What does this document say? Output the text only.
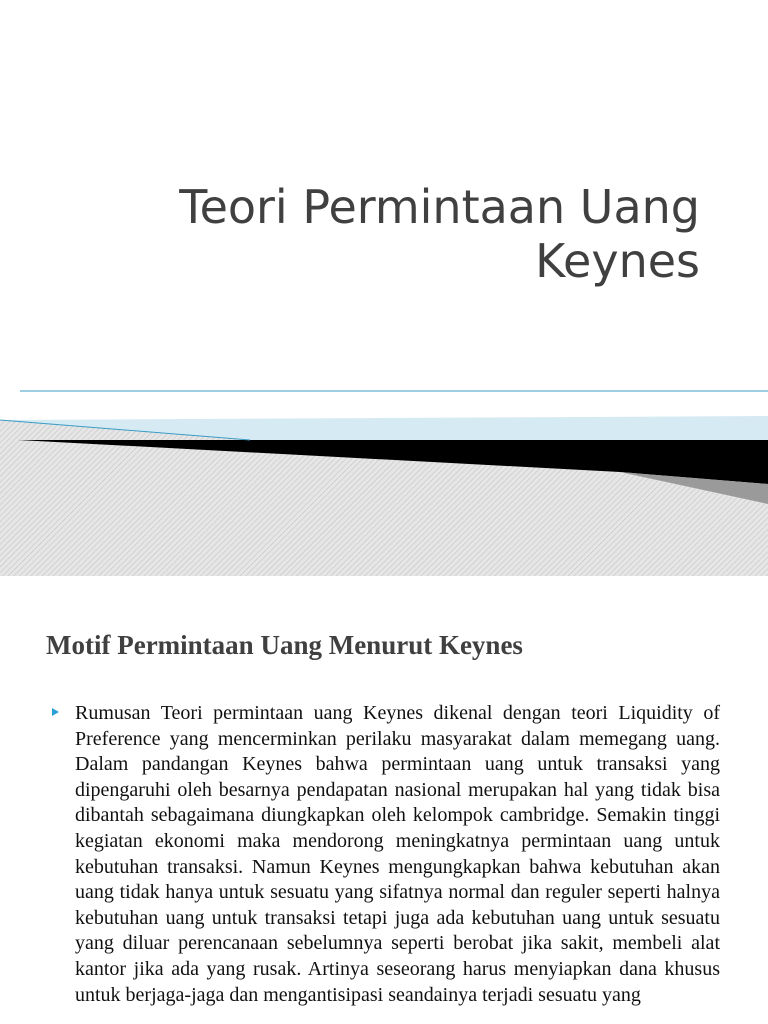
Teori Permintaan Uang
Keynes
Motif Permintaan Uang Menurut Keynes

Rumusan Teori permintaan uang Keynes dikenal dengan teori Liquidity of Preference yang mencerminkan perilaku masyarakat dalam memegang uang. Dalam pandangan Keynes bahwa permintaan uang untuk transaksi yang dipengaruhi oleh besarnya pendapatan nasional merupakan hal yang tidak bisa dibantah sebagaimana diungkapkan oleh kelompok cambridge. Semakin tinggi kegiatan ekonomi maka mendorong meningkatnya permintaan uang untuk kebutuhan transaksi. Namun Keynes mengungkapkan bahwa kebutuhan akan uang tidak hanya untuk sesuatu yang sifatnya normal dan reguler seperti halnya kebutuhan uang untuk transaksi tetapi juga ada kebutuhan uang untuk sesuatu yang diluar perencanaan sebelumnya seperti berobat jika sakit, membeli alat kantor jika ada yang rusak. Artinya seseorang harus menyiapkan dana khusus untuk berjaga-jaga dan mengantisipasi seandainya terjadi sesuatu yang
